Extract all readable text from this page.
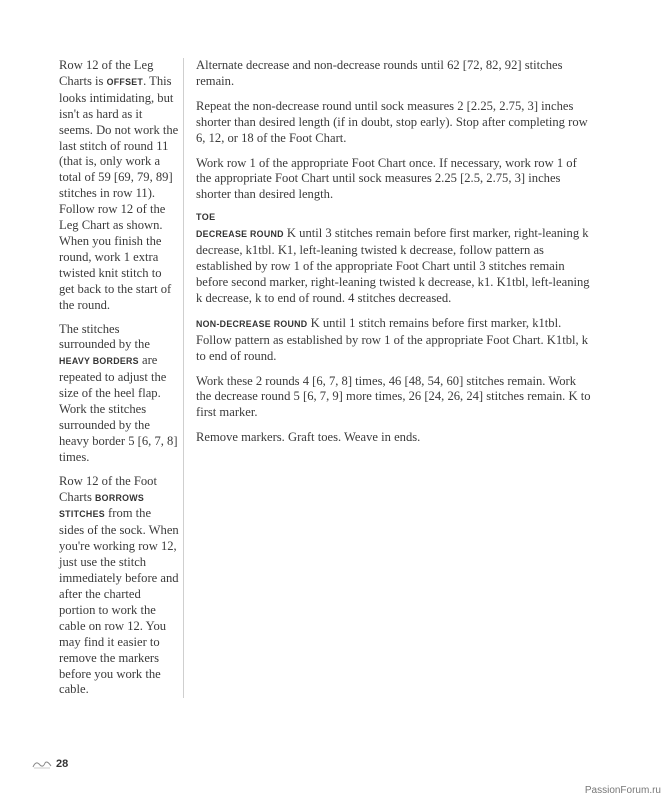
Row 12 of the Leg Charts is OFFSET. This looks intimidating, but isn't as hard as it seems. Do not work the last stitch of round 11 (that is, only work a total of 59 [69, 79, 89] stitches in row 11). Follow row 12 of the Leg Chart as shown. When you finish the round, work 1 extra twisted knit stitch to get back to the start of the round.

The stitches surrounded by the HEAVY BORDERS are repeated to adjust the size of the heel flap. Work the stitches surrounded by the heavy border 5 [6, 7, 8] times.

Row 12 of the Foot Charts BORROWS STITCHES from the sides of the sock. When you're working row 12, just use the stitch immediately before and after the charted portion to work the cable on row 12. You may find it easier to remove the markers before you work the cable.

Alternate decrease and non-decrease rounds until 62 [72, 82, 92] stitches remain.

Repeat the non-decrease round until sock measures 2 [2.25, 2.75, 3] inches shorter than desired length (if in doubt, stop early). Stop after completing row 6, 12, or 18 of the Foot Chart.

Work row 1 of the appropriate Foot Chart once. If necessary, work row 1 of the appropriate Foot Chart until sock measures 2.25 [2.5, 2.75, 3] inches shorter than desired length.

TOE

DECREASE ROUND K until 3 stitches remain before first marker, right-leaning k decrease, k1tbl. K1, left-leaning twisted k decrease, follow pattern as established by row 1 of the appropriate Foot Chart until 3 stitches remain before second marker, right-leaning twisted k decrease, k1. K1tbl, left-leaning k decrease, k to end of round. 4 stitches decreased.

NON-DECREASE ROUND K until 1 stitch remains before first marker, k1tbl. Follow pattern as established by row 1 of the appropriate Foot Chart. K1tbl, k to end of round.

Work these 2 rounds 4 [6, 7, 8] times, 46 [48, 54, 60] stitches remain. Work the decrease round 5 [6, 7, 9] more times, 26 [24, 26, 24] stitches remain. K to first marker.

Remove markers. Graft toes. Weave in ends.

28
PassionForum.ru
